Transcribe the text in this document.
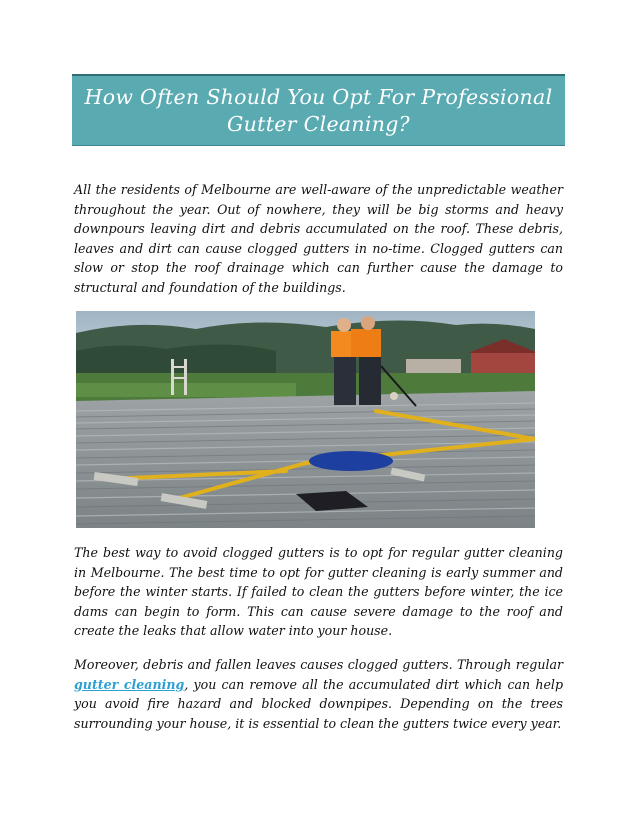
How Often Should You Opt For Professional
Gutter Cleaning?

All the residents of Melbourne are well-aware of the unpredictable weather throughout the year. Out of nowhere, they will be big storms and heavy downpours leaving dirt and debris accumulated on the roof. These debris, leaves and dirt can cause clogged gutters in no-time. Clogged gutters can slow or stop the roof drainage which can further cause the damage to structural and foundation of the buildings.

The best way to avoid clogged gutters is to opt for regular gutter cleaning in Melbourne. The best time to opt for gutter cleaning is early summer and before the winter starts. If failed to clean the gutters before winter, the ice dams can begin to form. This can cause severe damage to the roof and create the leaks that allow water into your house.

Moreover, debris and fallen leaves causes clogged gutters. Through regular gutter cleaning, you can remove all the accumulated dirt which can help you avoid fire hazard and blocked downpipes. Depending on the trees surrounding your house, it is essential to clean the gutters twice every year.
